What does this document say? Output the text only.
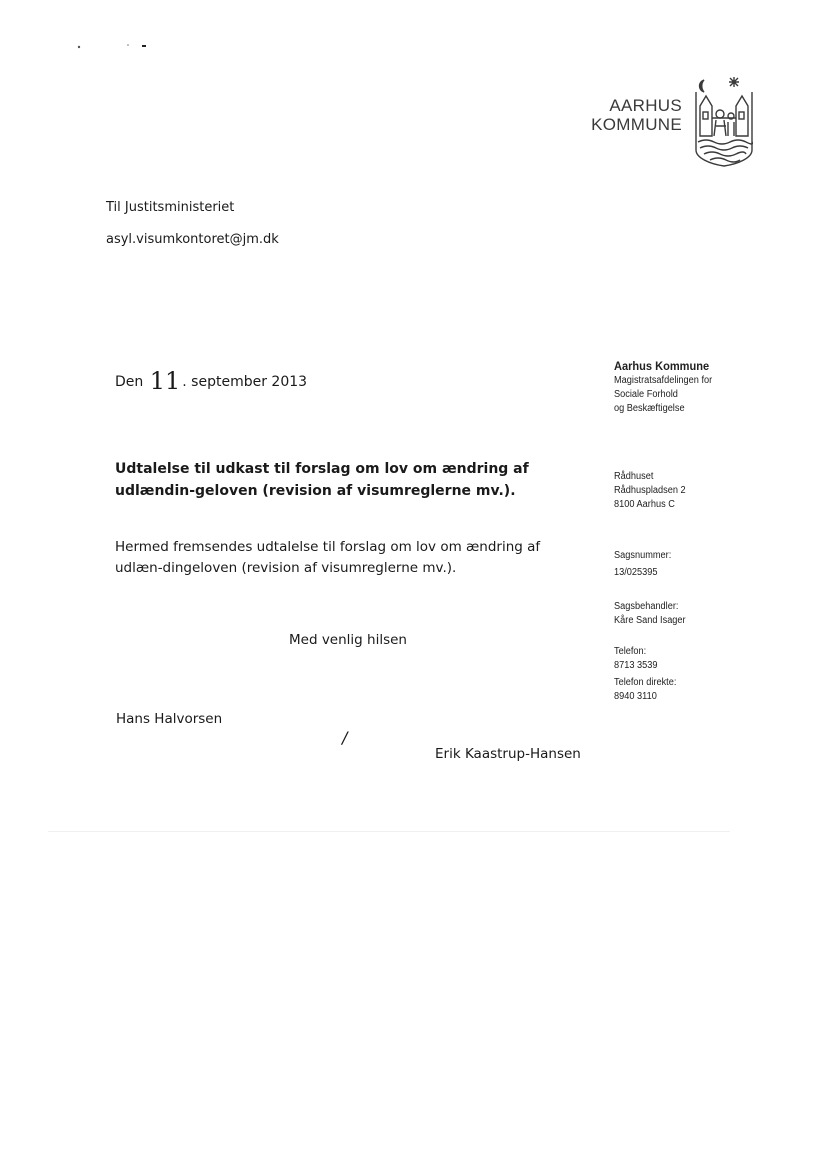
AARHUS
KOMMUNE
Til Justitsministeriet
asyl.visumkontoret@jm.dk
Den 11 . september 2013
Udtalelse til udkast til forslag om lov om ændring af udlændin-geloven (revision af visumreglerne mv.).
Hermed fremsendes udtalelse til forslag om lov om ændring af udlæn-dingeloven (revision af visumreglerne mv.).
Med venlig hilsen
Hans Halvorsen
/
Erik Kaastrup-Hansen
Aarhus Kommune
Magistratsafdelingen for
Sociale Forhold
og Beskæftigelse
Rådhuset
Rådhuspladsen 2
8100 Aarhus C
Sagsnummer:
13/025395
Sagsbehandler:
Kåre Sand Isager
Telefon:
8713 3539
Telefon direkte:
8940 3110
